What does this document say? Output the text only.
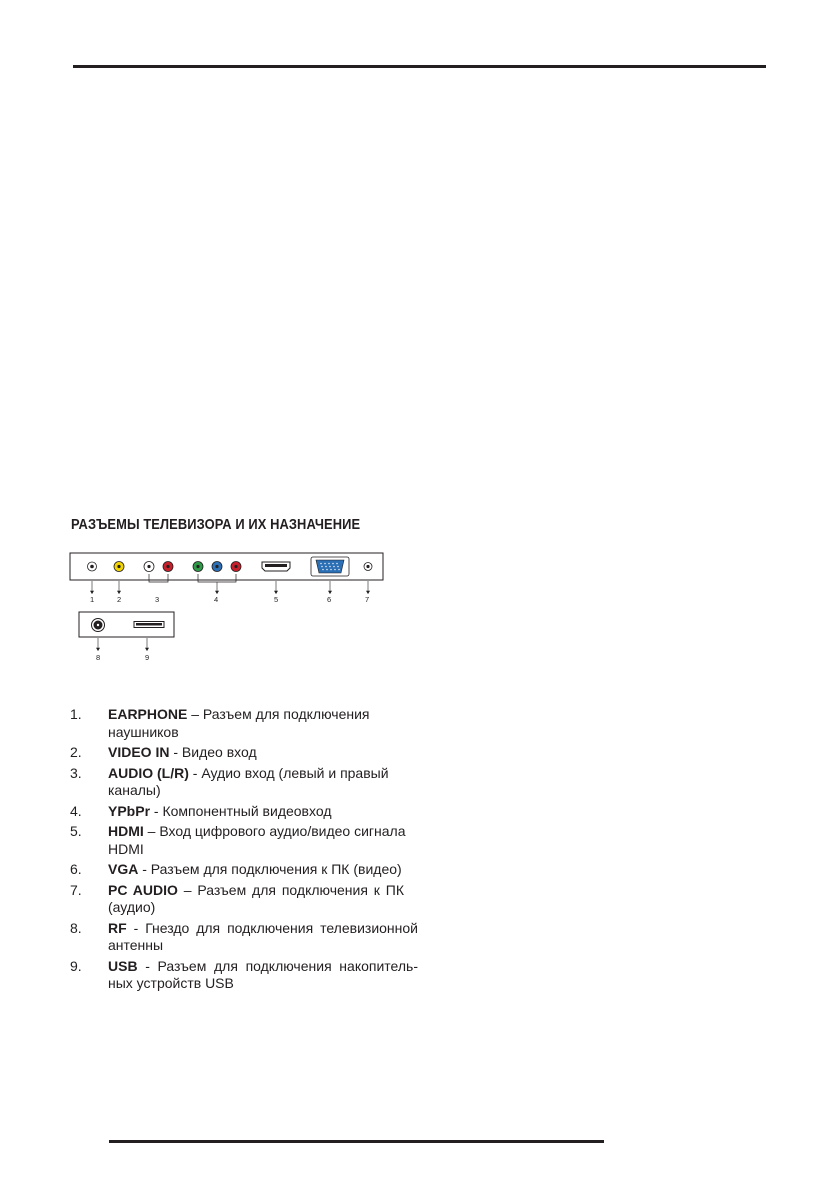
РАЗЪЕМЫ ТЕЛЕВИЗОРА И ИХ НАЗНАЧЕНИЕ
1	2	3	4	5	6	7
8	9
1. EARPHONE – Разъем для подключения наушников
2. VIDEO IN - Видео вход
3. AUDIO (L/R) - Аудио вход (левый и правый каналы)
4. YPbPr - Компонентный видеовход
5. HDMI – Вход цифрового аудио/видео сигнала HDMI
6. VGA - Разъем для подключения к ПК (видео)
7. PC AUDIO – Разъем для подключения к ПК (аудио)
8. RF - Гнездо для подключения телевизионной антенны
9. USB - Разъем для подключения накопитель-ных устройств USB
